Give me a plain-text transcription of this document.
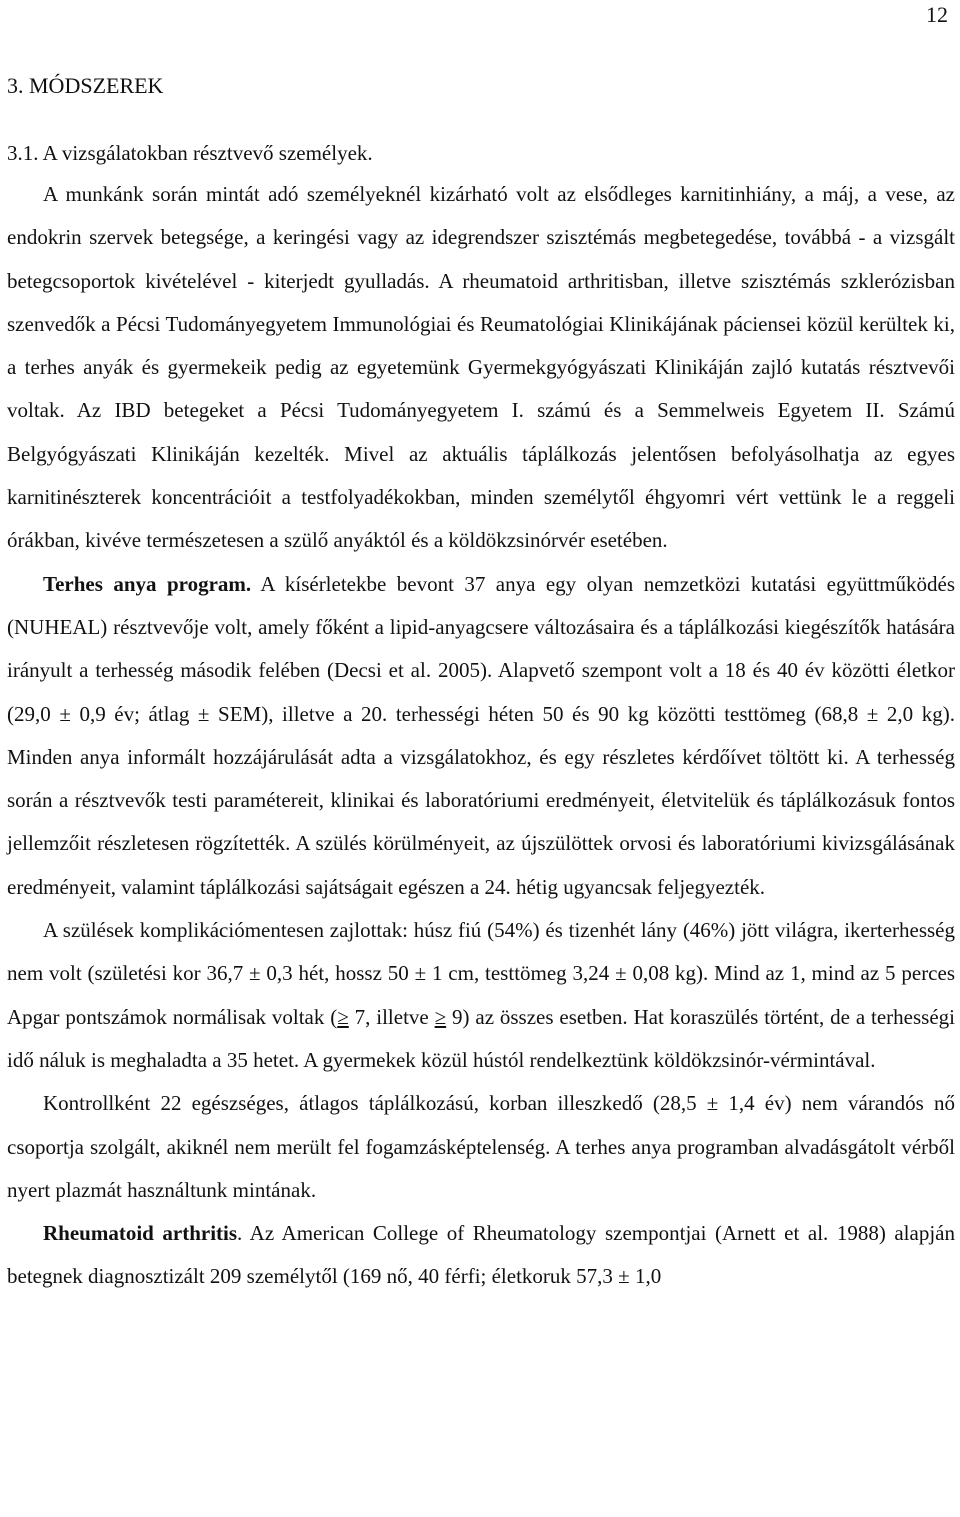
12
3. MÓDSZEREK
3.1. A vizsgálatokban résztvevő személyek.

A munkánk során mintát adó személyeknél kizárható volt az elsődleges karnitinhiány, a máj, a vese, az endokrin szervek betegsége, a keringési vagy az idegrendszer szisztémás megbetegedése, továbbá - a vizsgált betegcsoportok kivételével - kiterjedt gyulladás. A rheumatoid arthritisban, illetve szisztémás szklerózisban szenvedők a Pécsi Tudományegyetem Immunológiai és Reumatológiai Klinikájának páciensei közül kerültek ki, a terhes anyák és gyermekeik pedig az egyetemünk Gyermekgyógyászati Klinikáján zajló kutatás résztvevői voltak. Az IBD betegeket a Pécsi Tudományegyetem I. számú és a Semmelweis Egyetem II. Számú Belgyógyászati Klinikáján kezelték. Mivel az aktuális táplálkozás jelentősen befolyásolhatja az egyes karnitinészterek koncentrációit a testfolyadékokban, minden személytől éhgyomri vért vettünk le a reggeli órákban, kivéve természetesen a szülő anyáktól és a köldökzsinórvér esetében.

Terhes anya program. A kísérletekbe bevont 37 anya egy olyan nemzetközi kutatási együttműködés (NUHEAL) résztvevője volt, amely főként a lipid-anyagcsere változásaira és a táplálkozási kiegészítők hatására irányult a terhesség második felében (Decsi et al. 2005). Alapvető szempont volt a 18 és 40 év közötti életkor (29,0 ± 0,9 év; átlag ± SEM), illetve a 20. terhességi héten 50 és 90 kg közötti testtömeg (68,8 ± 2,0 kg). Minden anya informált hozzájárulását adta a vizsgálatokhoz, és egy részletes kérdőívet töltött ki. A terhesség során a résztvevők testi paramétereit, klinikai és laboratóriumi eredményeit, életvitelük és táplálkozásuk fontos jellemzőit részletesen rögzítették. A szülés körülményeit, az újszülöttek orvosi és laboratóriumi kivizsgálásának eredményeit, valamint táplálkozási sajátságait egészen a 24. hétig ugyancsak feljegyezték.

A szülések komplikációmentesen zajlottak: húsz fiú (54%) és tizenhét lány (46%) jött világra, ikerterhesség nem volt (születési kor 36,7 ± 0,3 hét, hossz 50 ± 1 cm, testtömeg 3,24 ± 0,08 kg). Mind az 1, mind az 5 perces Apgar pontszámok normálisak voltak (≥ 7, illetve ≥ 9) az összes esetben. Hat koraszülés történt, de a terhességi idő náluk is meghaladta a 35 hetet. A gyermekek közül hústól rendelkeztünk köldökzsinór-vérmintával.

Kontrollként 22 egészséges, átlagos táplálkozású, korban illeszkedő (28,5 ± 1,4 év) nem várandós nő csoportja szolgált, akiknél nem merült fel fogamzásképtelenség. A terhes anya programban alvadásgátolt vérből nyert plazmát használtunk mintának.

Rheumatoid arthritis. Az American College of Rheumatology szempontjai (Arnett et al. 1988) alapján betegnek diagnosztizált 209 személytől (169 nő, 40 férfi; életkoruk 57,3 ± 1,0
